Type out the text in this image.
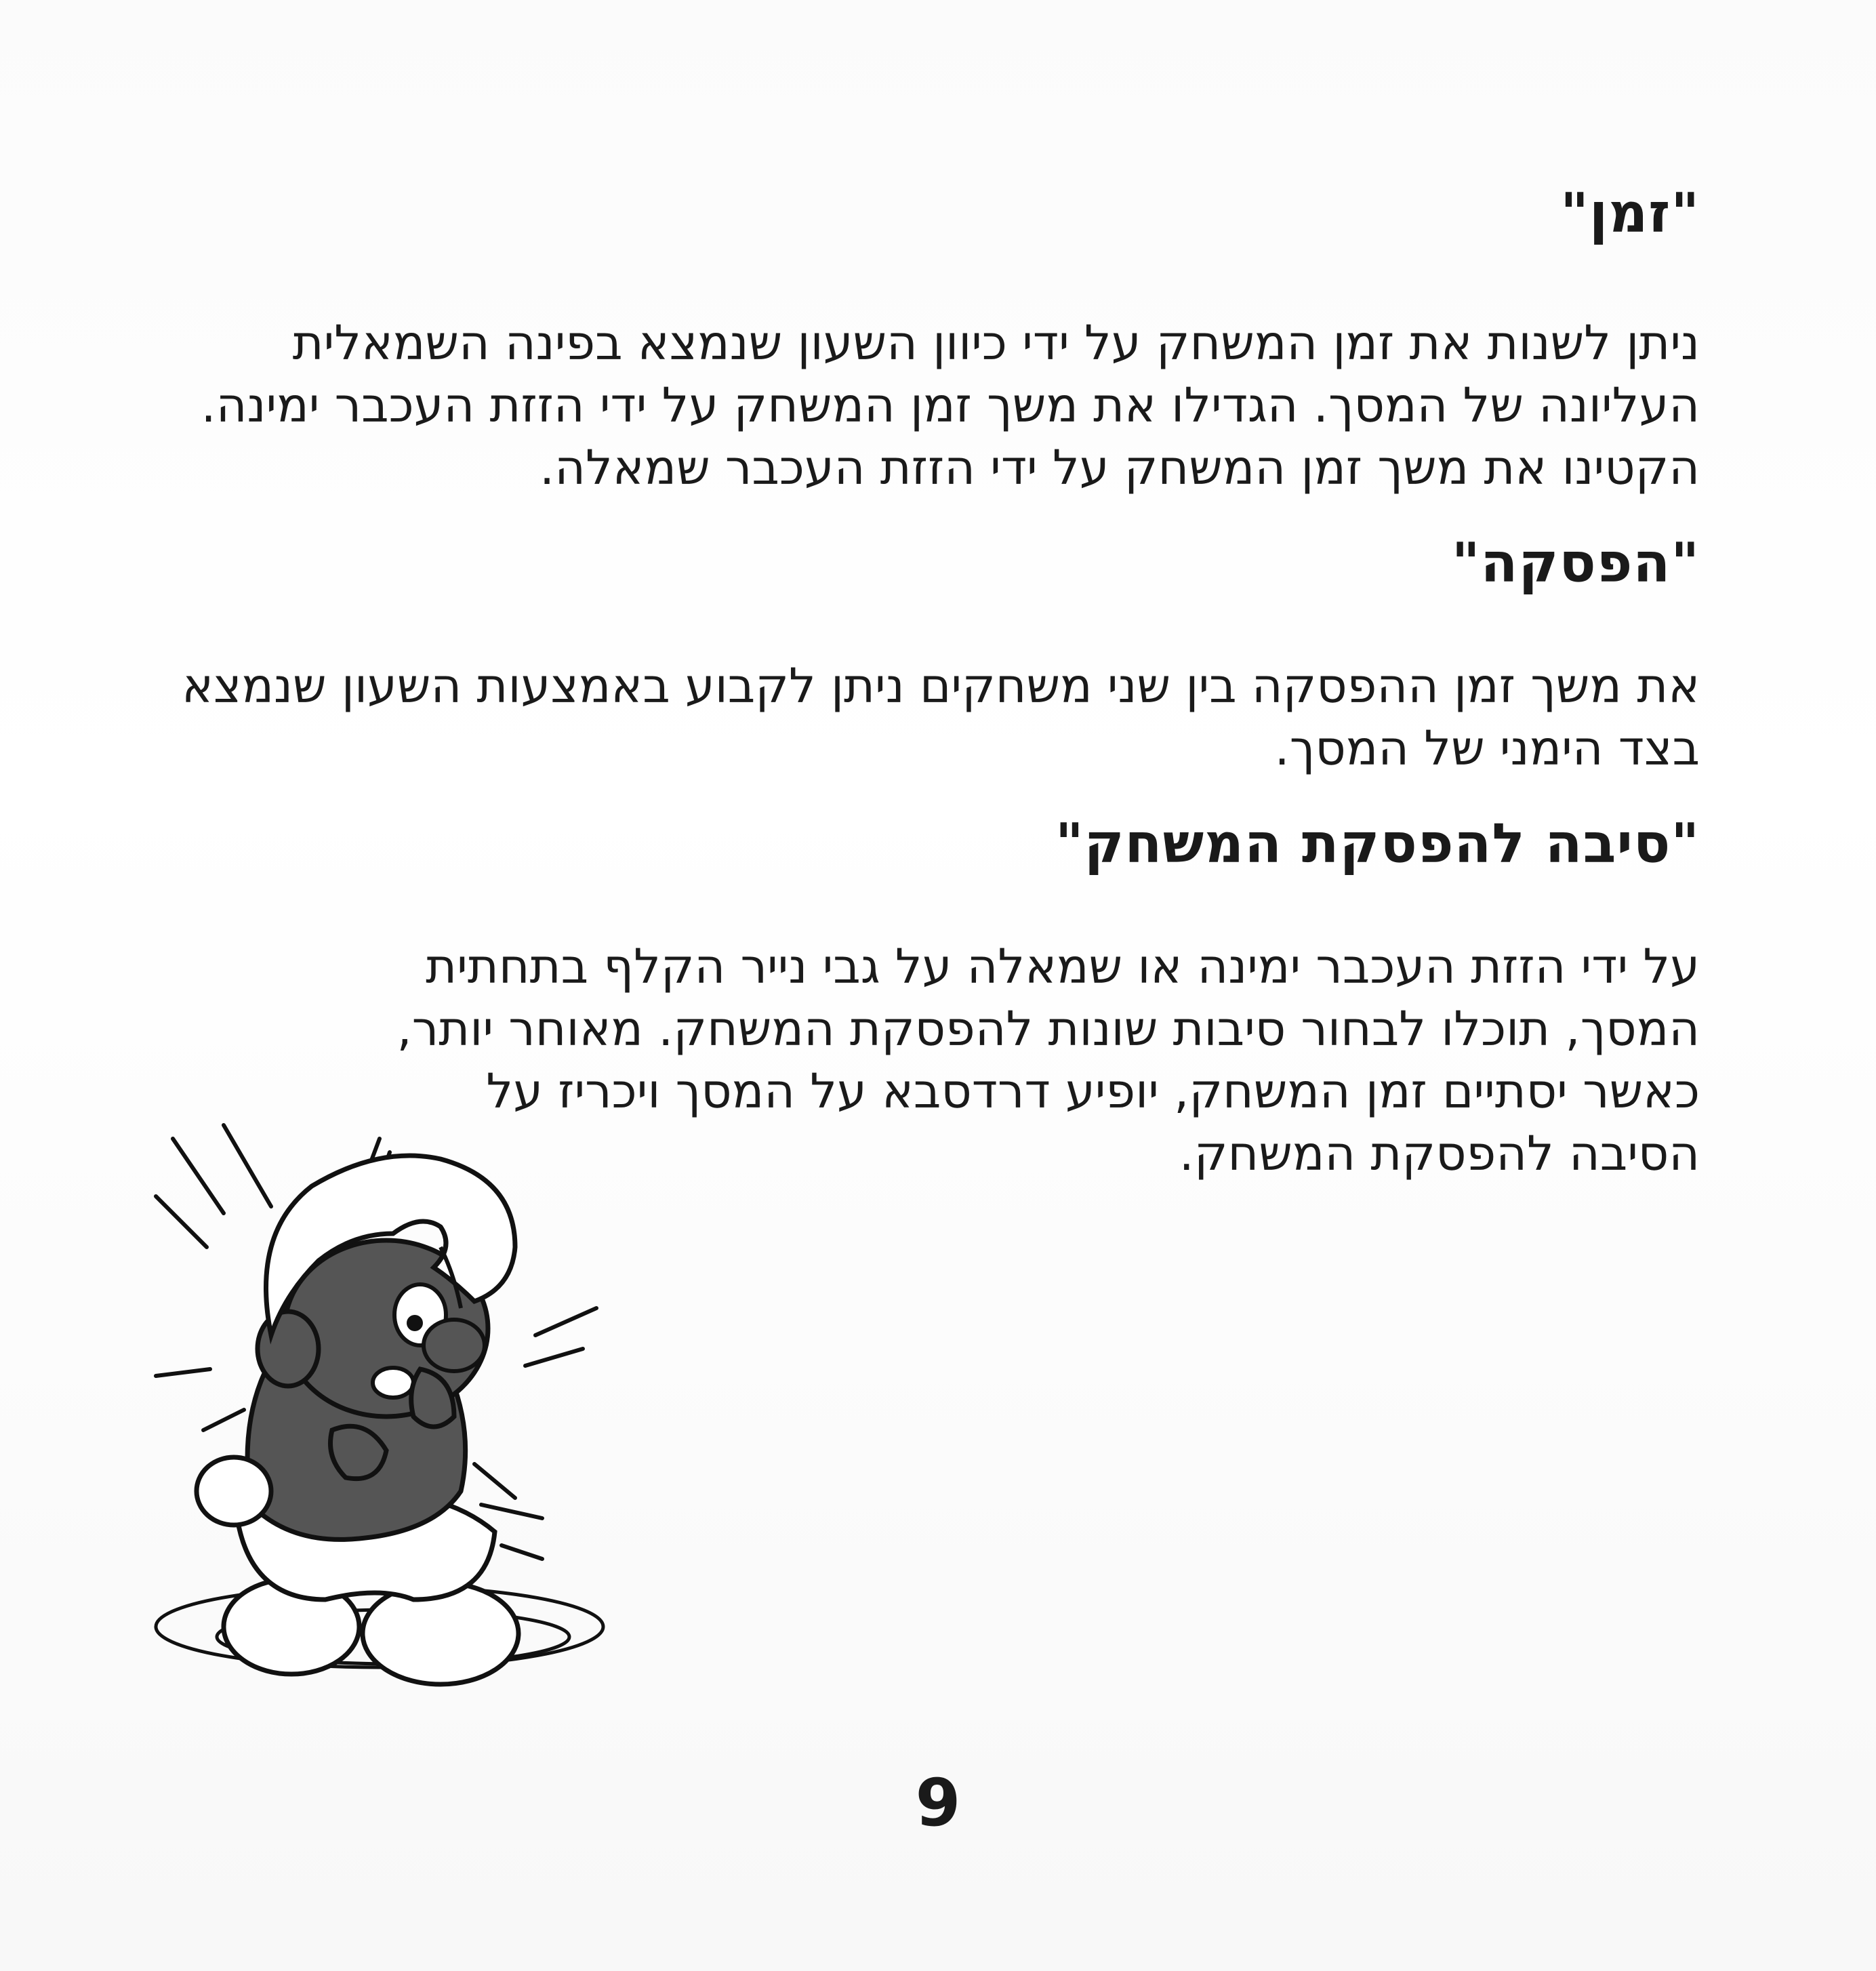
"זמן"

ניתן לשנות את זמן המשחק על ידי כיוון השעון שנמצא בפינה השמאלית העליונה של המסך. הגדילו את משך זמן המשחק על ידי הזזת העכבר ימינה. הקטינו את משך זמן המשחק על ידי הזזת העכבר שמאלה.

"הפסקה"

את משך זמן ההפסקה בין שני משחקים ניתן לקבוע באמצעות השעון שנמצא בצד הימני של המסך.

"סיבה להפסקת המשחק"

על ידי הזזת העכבר ימינה או שמאלה על גבי נייר הקלף בתחתית המסך, תוכלו לבחור סיבות שונות להפסקת המשחק. מאוחר יותר, כאשר יסתיים זמן המשחק, יופיע דרדסבא על המסך ויכריז על הסיבה להפסקת המשחק.

9
